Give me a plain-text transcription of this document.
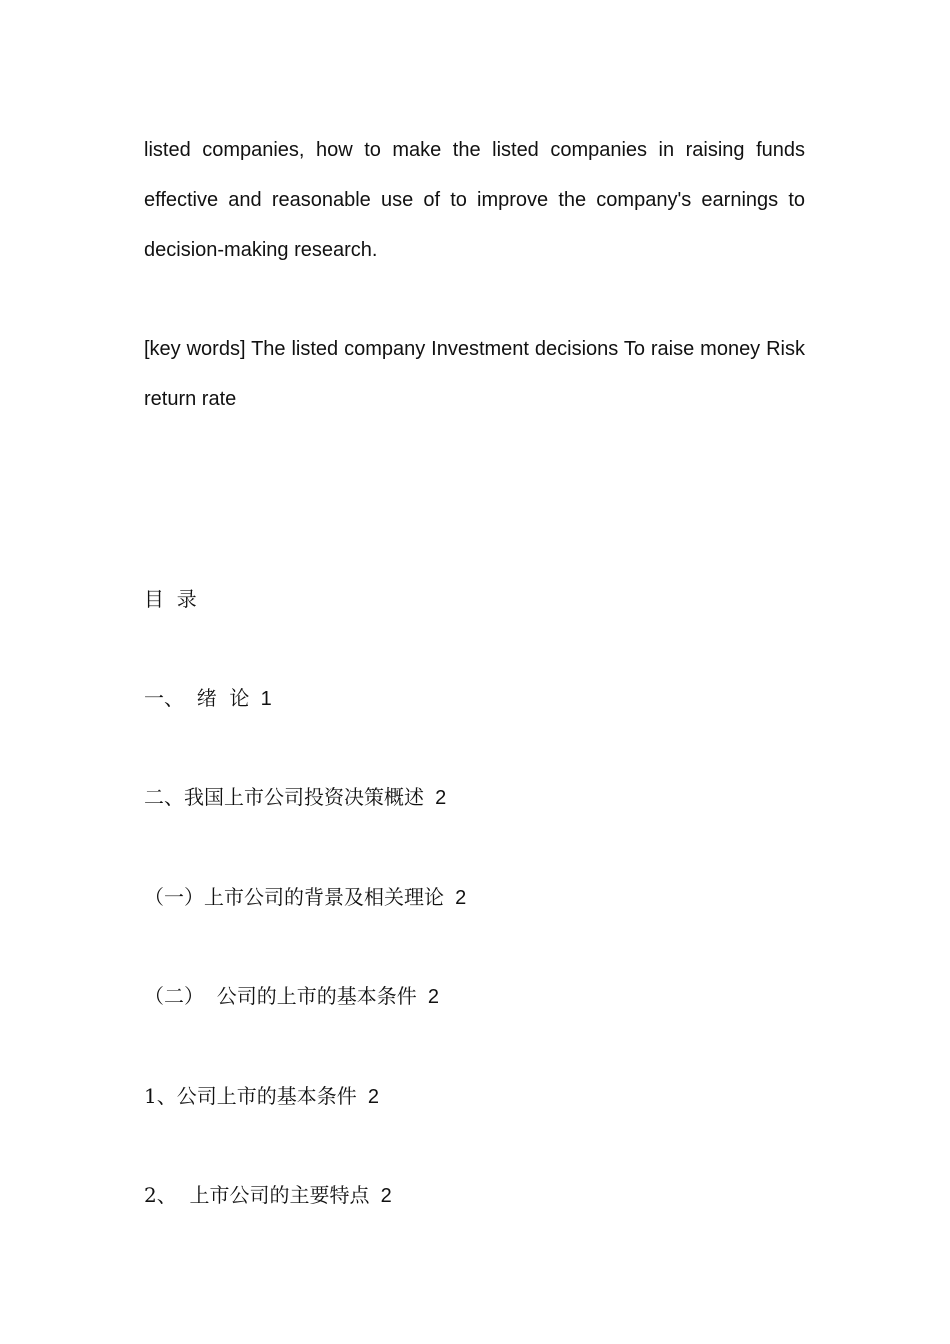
listed companies, how to make the listed companies in raising funds effective and reasonable use of to improve the company's earnings to decision-making research.

[key words] The listed company Investment decisions To raise money Risk return rate

目  录
一、  绪  论 1
二、我国上市公司投资决策概述 2
（一）上市公司的背景及相关理论 2
（二）  公司的上市的基本条件 2
1、公司上市的基本条件 2
2、  上市公司的主要特点 2
